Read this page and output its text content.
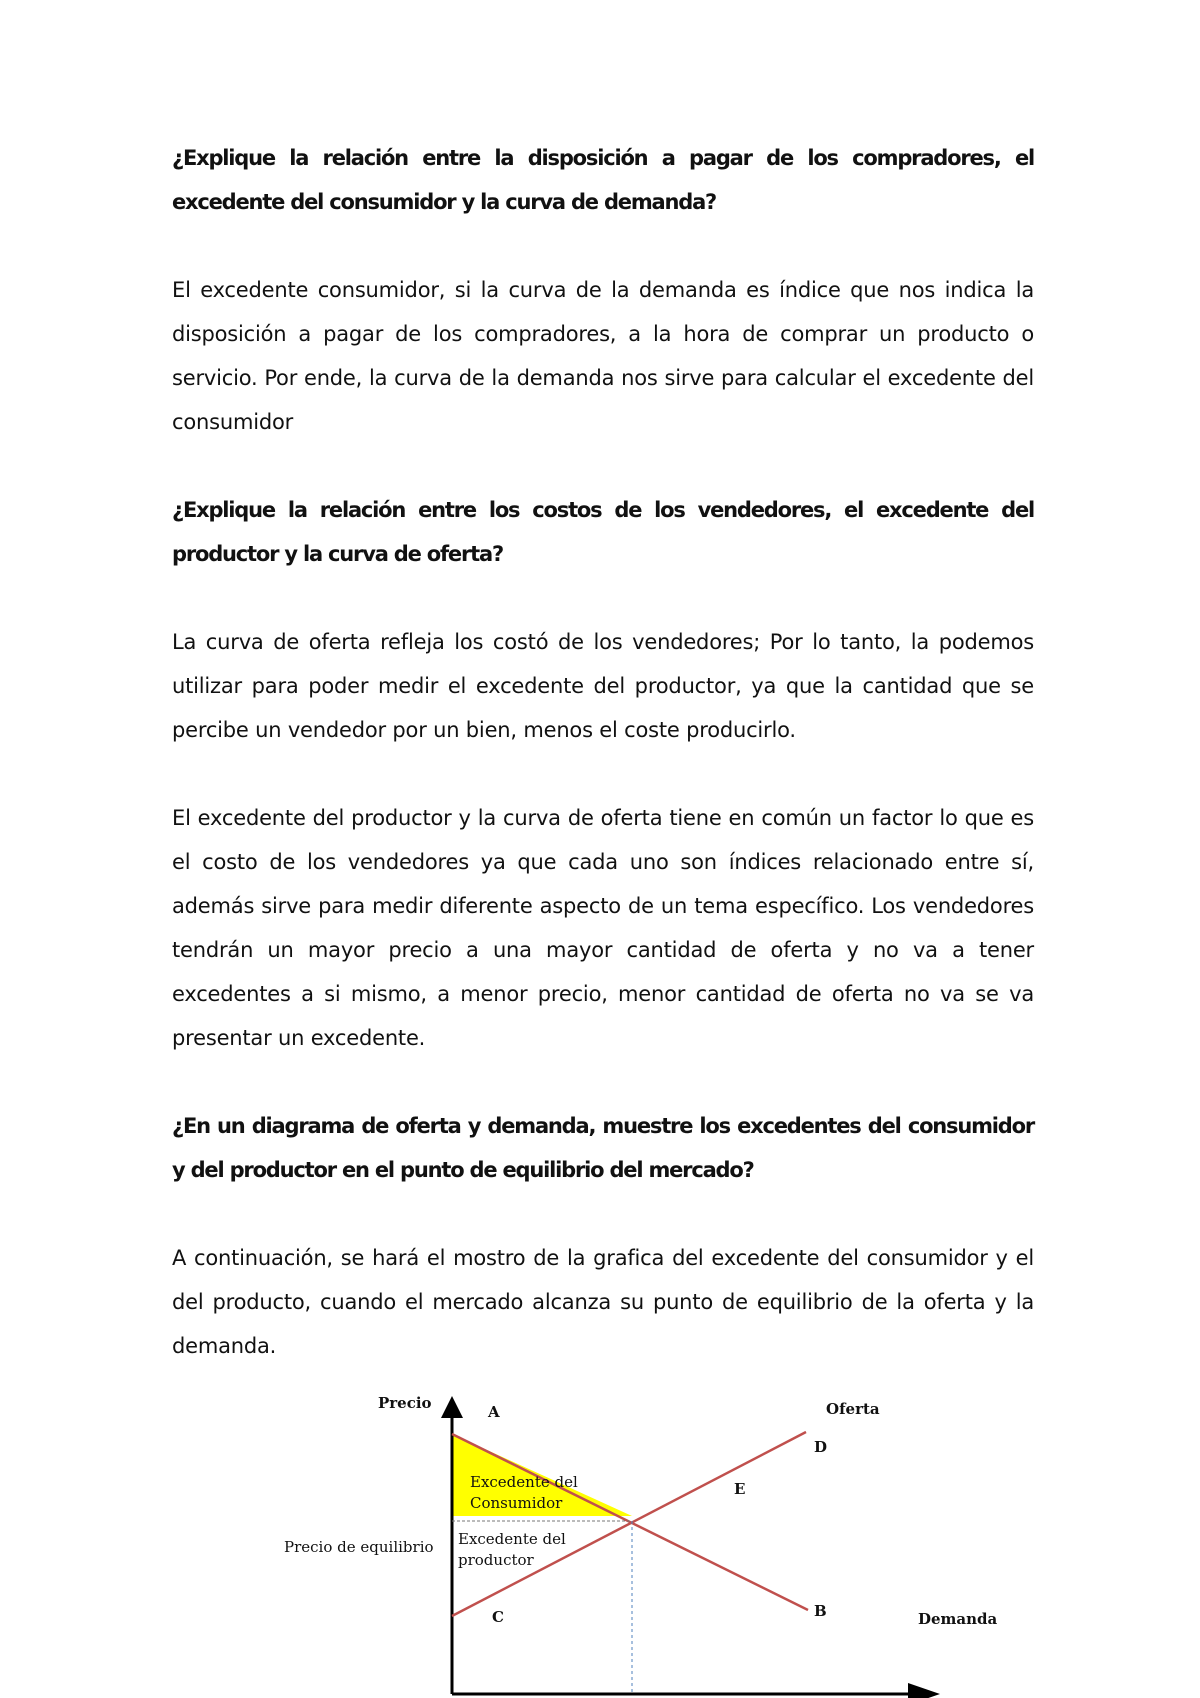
¿Explique la relación entre la disposición a pagar de los compradores, el excedente del consumidor y la curva de demanda?
El excedente consumidor, si la curva de la demanda es índice que nos indica la disposición a pagar de los compradores, a la hora de comprar un producto o servicio. Por ende, la curva de la demanda nos sirve para calcular el excedente del consumidor
¿Explique la relación entre los costos de los vendedores, el excedente del productor y la curva de oferta?
La curva de oferta refleja los costó de los vendedores; Por lo tanto, la podemos utilizar para poder medir el excedente del productor, ya que la cantidad que se percibe un vendedor por un bien, menos el coste producirlo.
El excedente del productor y la curva de oferta tiene en común un factor lo que es el costo de los vendedores ya que cada uno son índices relacionado entre sí, además sirve para medir diferente aspecto de un tema específico. Los vendedores tendrán un mayor precio a una mayor cantidad de oferta y no va a tener excedentes a si mismo, a menor precio, menor cantidad de oferta no va se va presentar un excedente.
¿En un diagrama de oferta y demanda, muestre los excedentes del consumidor y del productor en el punto de equilibrio del mercado?
A continuación, se hará el mostro de la grafica del excedente del consumidor y el del producto, cuando el mercado alcanza su punto de equilibrio de la oferta y la demanda.
Precio	A	Oferta
D
E
Excedente del
Consumidor
Precio de equilibrio Excedente del
productor
C	B	Demanda
